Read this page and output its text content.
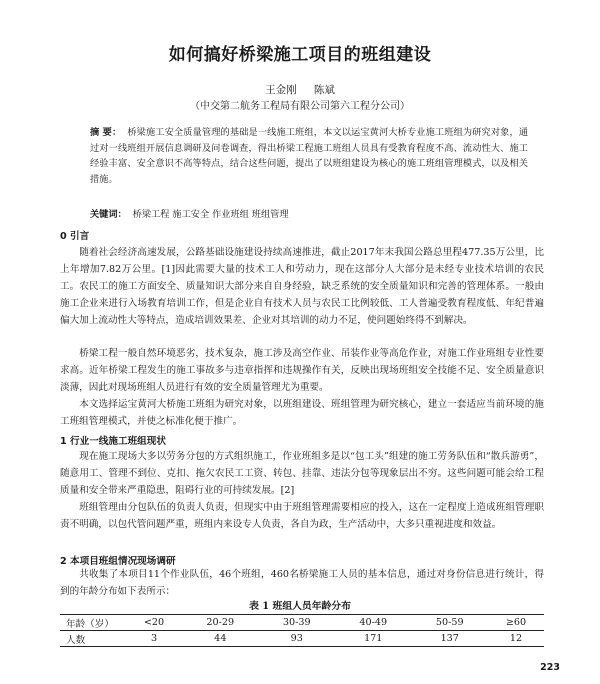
如何搞好桥梁施工项目的班组建设
王金刚 陈斌
（中交第二航务工程局有限公司第六工程分公司）
摘 要： 桥梁施工安全质量管理的基础是一线施工班组，本文以运宝黄河大桥专业施工班组为研究对象，通过对一线班组开展信息调研及问卷调查，得出桥梁工程施工班组人员具有受教育程度不高、流动性大、施工经验丰富、安全意识不高等特点，结合这些问题，提出了以班组建设为核心的施工班组管理模式，以及相关措施。
关键词： 桥梁工程 施工安全 作业班组 班组管理
0 引言
随着社会经济高速发展，公路基础设施建设持续高速推进，截止2017年末我国公路总里程477.35万公里，比上年增加7.82万公里。[1]因此需要大量的技术工人和劳动力，现在这部分人大部分是未经专业技术培训的农民工。农民工的施工方面安全、质量知识大部分来自自身经验，缺乏系统的安全质量知识和完善的管理体系。一般由施工企业来进行入场教育培训工作，但是企业自有技术人员与农民工比例较低、工人普遍受教育程度低、年纪普遍偏大加上流动性大等特点，造成培训效果差、企业对其培训的动力不足，使问题始终得不到解决。
桥梁工程一般自然环境恶劣，技术复杂，施工涉及高空作业、吊装作业等高危作业，对施工作业班组专业性要求高。近年桥梁工程发生的施工事故多与违章指挥和违规操作有关，反映出现场班组安全技能不足、安全质量意识淡薄，因此对现场班组人员进行有效的安全质量管理尤为重要。
本文选择运宝黄河大桥施工班组为研究对象，以班组建设、班组管理为研究核心，建立一套适应当前环境的施工班组管理模式，并使之标准化便于推广。
1 行业一线施工班组现状
现在施工现场大多以劳务分包的方式组织施工，作业班组多是以“包工头”组建的施工劳务队伍和“散兵游勇”，随意用工、管理不到位、克扣、拖欠农民工工资、转包、挂靠、违法分包等现象层出不穷。这些问题可能会给工程质量和安全带来严重隐患，阻碍行业的可持续发展。[2]
班组管理由分包队伍的负责人负责，但现实中由于班组管理需要相应的投入，这在一定程度上造成班组管理职责不明确，以包代管问题严重，班组内来设专人负责，各自为政，生产活动中，大多只重视进度和效益。
2 本项目班组情况现场调研
共收集了本项目11个作业队伍，46个班组，460名桥梁施工人员的基本信息，通过对身份信息进行统计，得到的年龄分布如下表所示：
表 1 班组人员年龄分布
年龄（岁）	<20	20-29	30-39	40-49	50-59	≥60
人数	3	44	93	171	137	12
223
